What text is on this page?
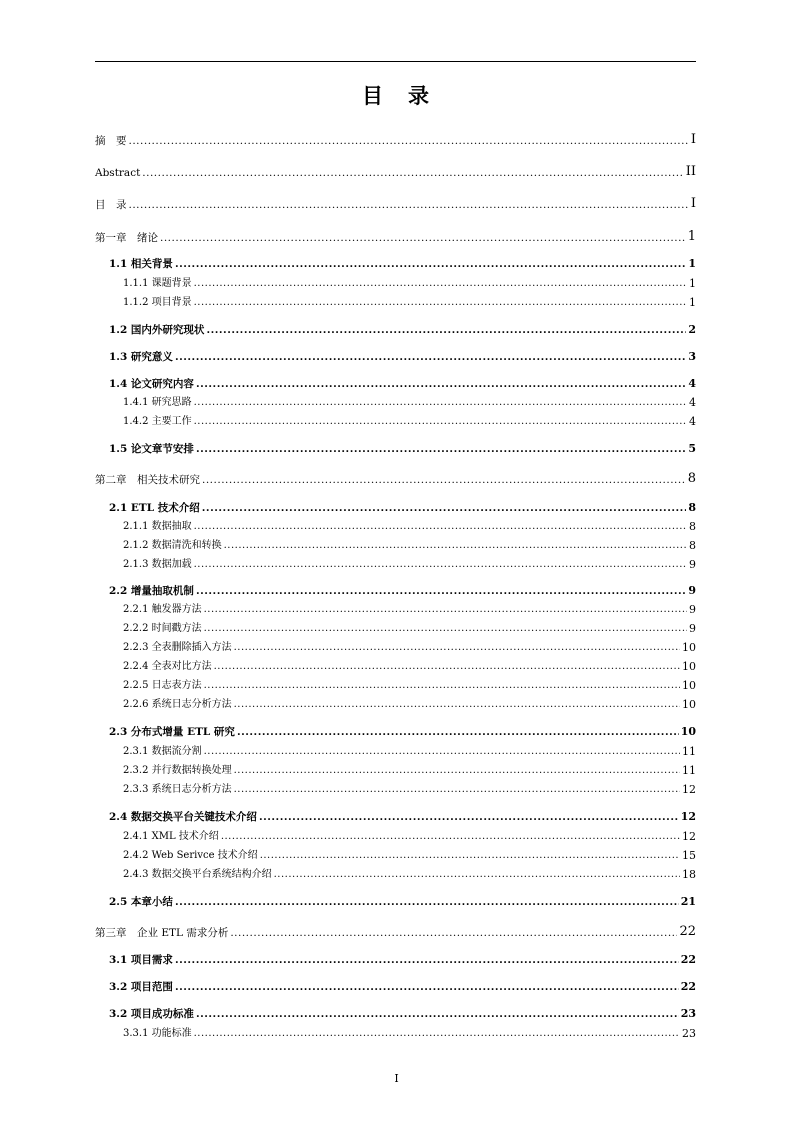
目　录
摘　要 .....	I
Abstract .....	II
目　录 .....	I
第一章　绪论 .....	1
1.1 相关背景 .....	1
1.1.1 课题背景 .....	1
1.1.2 项目背景 .....	1
1.2 国内外研究现状 .....	2
1.3 研究意义 .....	3
1.4 论文研究内容 .....	4
1.4.1 研究思路 .....	4
1.4.2 主要工作 .....	4
1.5 论文章节安排 .....	5
第二章　相关技术研究 .....	8
2.1 ETL 技术介绍 .....	8
2.1.1 数据抽取 .....	8
2.1.2 数据清洗和转换 .....	8
2.1.3 数据加载 .....	9
2.2 增量抽取机制 .....	9
2.2.1 触发器方法 .....	9
2.2.2 时间戳方法 .....	9
2.2.3 全表删除插入方法 .....	10
2.2.4 全表对比方法 .....	10
2.2.5 日志表方法 .....	10
2.2.6 系统日志分析方法 .....	10
2.3 分布式增量 ETL 研究 .....	10
2.3.1 数据流分割 .....	11
2.3.2 并行数据转换处理 .....	11
2.3.3 系统日志分析方法 .....	12
2.4 数据交换平台关键技术介绍 .....	12
2.4.1 XML 技术介绍 .....	12
2.4.2 Web Serivce 技术介绍 .....	15
2.4.3 数据交换平台系统结构介绍 .....	18
2.5 本章小结 .....	21
第三章　企业 ETL 需求分析 .....	22
3.1 项目需求 .....	22
3.2 项目范围 .....	22
3.2 项目成功标准 .....	23
3.3.1 功能标准 .....	23
I
